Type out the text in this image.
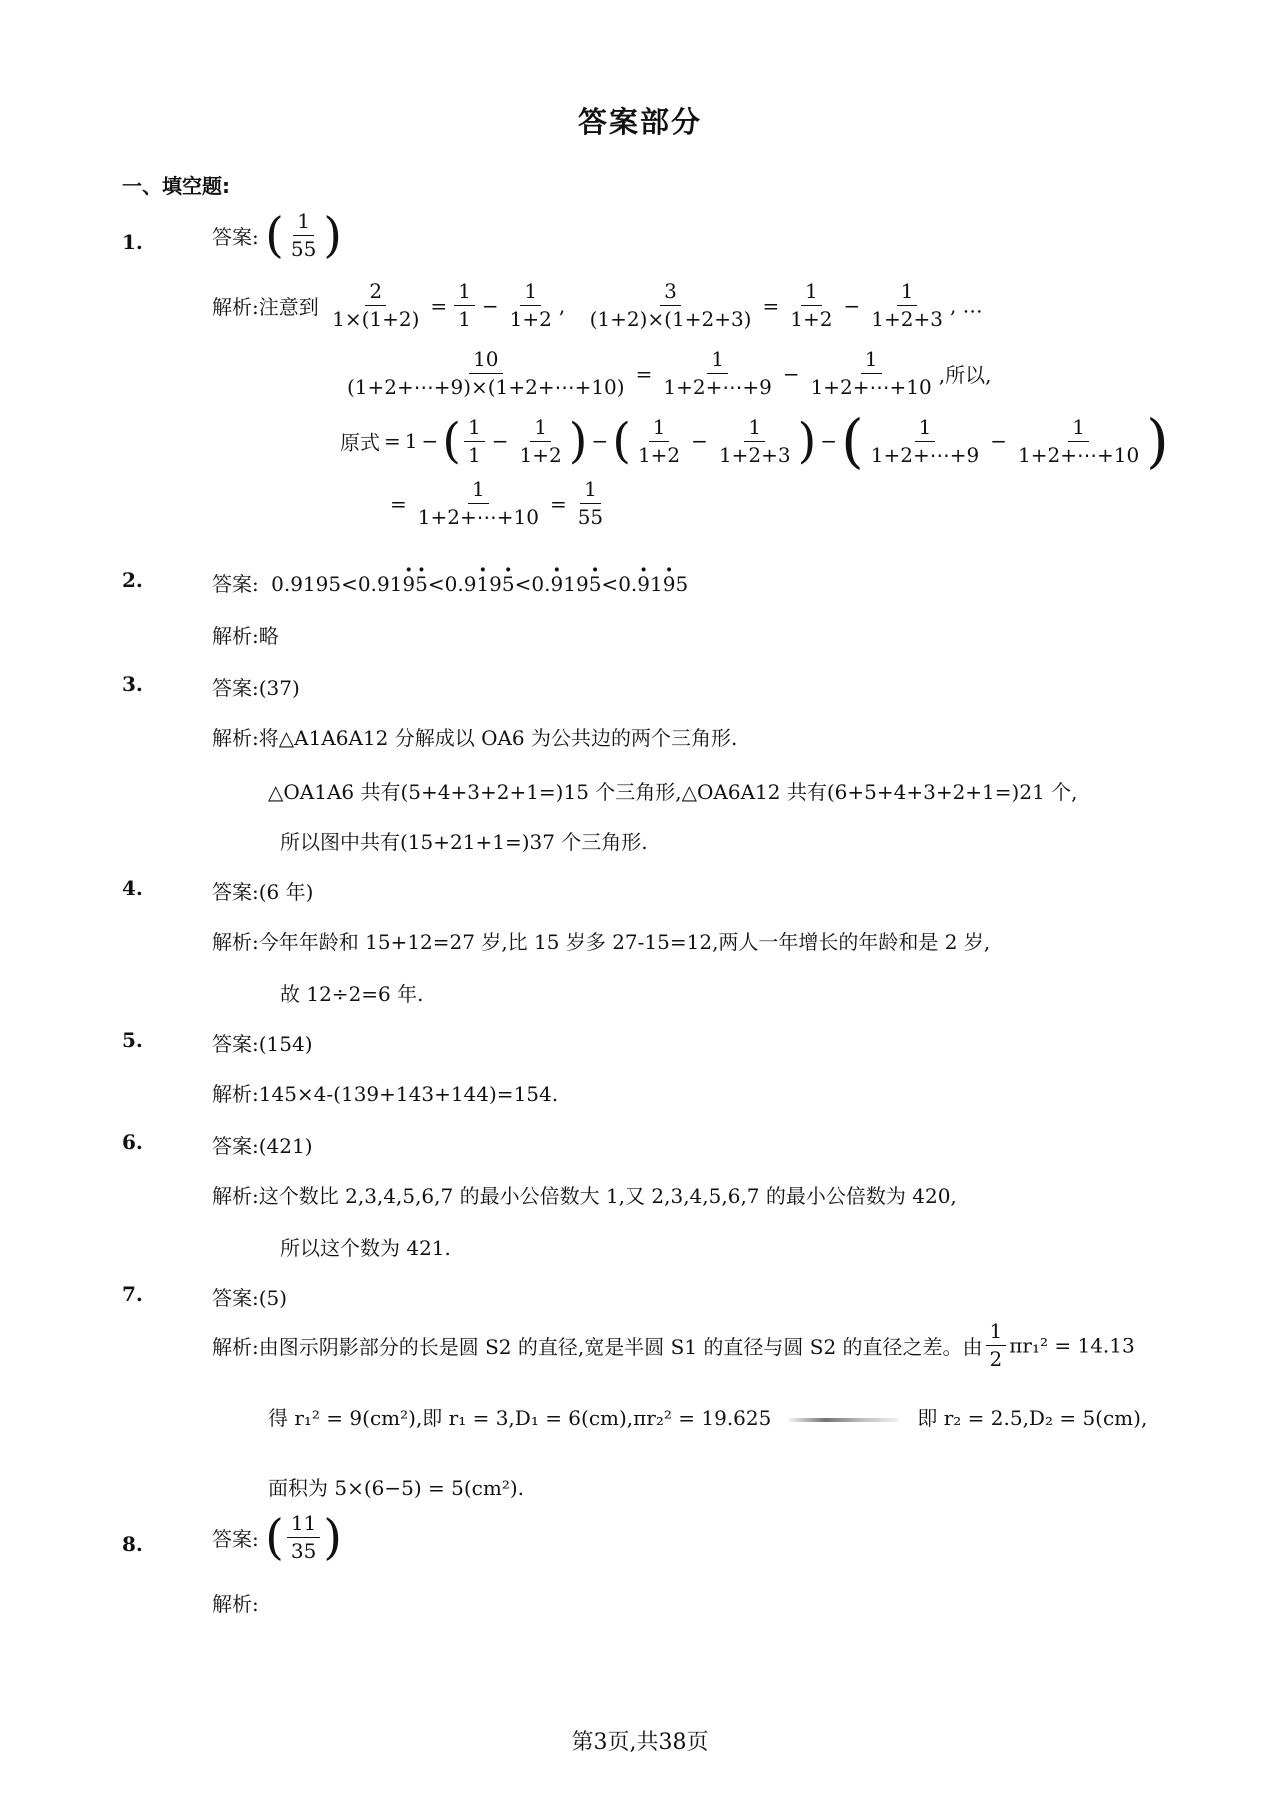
答案部分
一、填空题:
1.	答案: ( $\frac{1}{55}$ )
解析:注意到 $\frac{2}{1\times(1+2)} = \frac{1}{1} - \frac{1}{1+2}$ , $\frac{3}{(1+2)\times(1+2+3)} = \frac{1}{1+2} - \frac{1}{1+2+3}$ , …
$\frac{10}{(1+2+\cdots+9)\times(1+2+\cdots+10)} = \frac{1}{1+2+\cdots+9} - \frac{1}{1+2+\cdots+10}$ ,所以,
原式 = 1 −( $\frac{1}{1} - \frac{1}{1+2}$ ) −( $\frac{1}{1+2} - \frac{1}{1+2+3}$ ) −( $\frac{1}{1+2+\cdots+9} - \frac{1}{1+2+\cdots+10}$ )
= $\frac{1}{1+2+\cdots+10} = \frac{1}{55}$
2.	答案: 0.9195<0.91· 9· 5<0.9· 19· 5<0.· 919· 5<0.· 91· 95
解析:略
3.	答案:(37)
解析:将△A1A6A12 分解成以 OA6 为公共边的两个三角形.
△OA1A6 共有(5+4+3+2+1=)15 个三角形,△OA6A12 共有(6+5+4+3+2+1=)21 个,
所以图中共有(15+21+1=)37 个三角形.
4.	答案:(6 年)
解析:今年年龄和 15+12=27 岁,比 15 岁多 27-15=12,两人一年增长的年龄和是 2 岁,
故 12÷2=6 年.
5.	答案:(154)
解析:145×4-(139+143+144)=154.
6.	答案:(421)
解析:这个数比 2,3,4,5,6,7 的最小公倍数大 1,又 2,3,4,5,6,7 的最小公倍数为 420,
所以这个数为 421.
7.	答案:(5)
解析:由图示阴影部分的长是圆 S2 的直径,宽是半圆 S1 的直径与圆 S2 的直径之差。由 $\frac{1}{2} \pi r_1^2 = 14.13$
得 r₁² = 9(cm²),即 r₁ = 3,D₁ = 6(cm),πr₂² = 19.625	即 r₂ = 2.5,D₂ = 5(cm),
面积为 5×(6−5) = 5(cm²).
8.	答案: ( $\frac{11}{35}$ )
解析:
第3页,共38页
